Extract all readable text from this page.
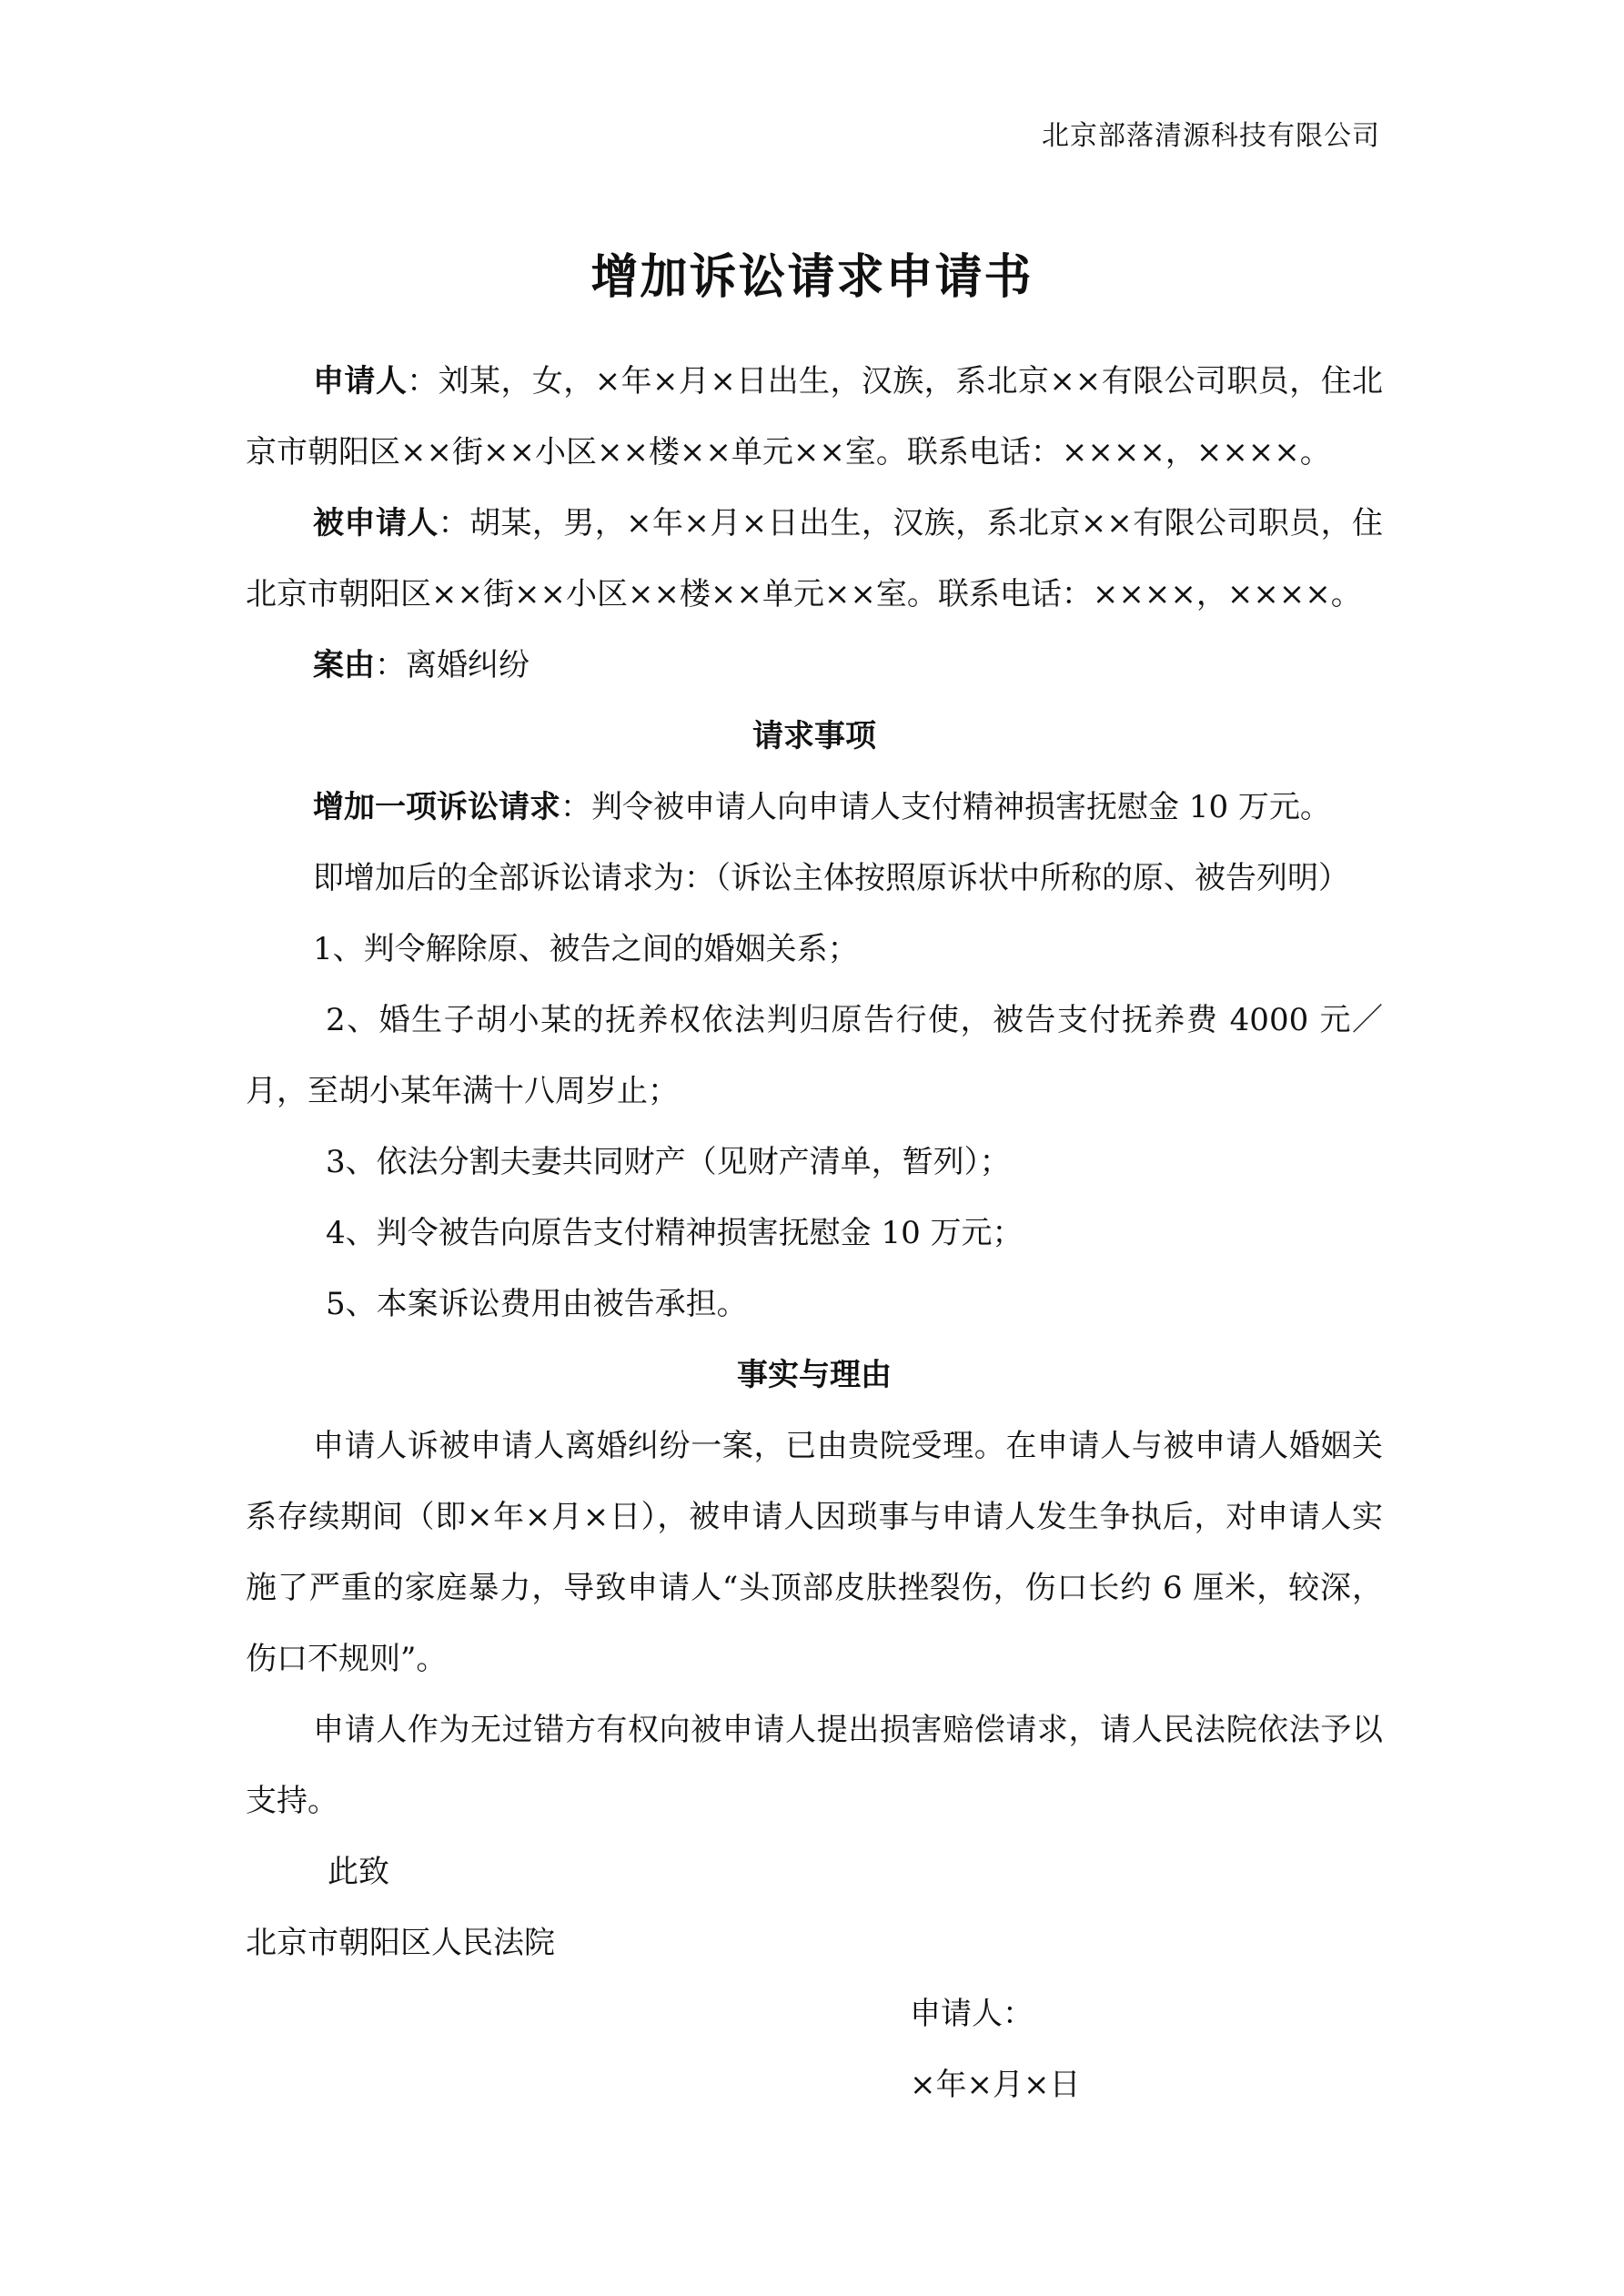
北京部落清源科技有限公司
增加诉讼请求申请书

申请人：刘某，女，×年×月×日出生，汉族，系北京××有限公司职员，住北京市朝阳区××街××小区××楼××单元××室。联系电话：××××，××××。

被申请人：胡某，男，×年×月×日出生，汉族，系北京××有限公司职员，住北京市朝阳区××街××小区××楼××单元××室。联系电话：××××，××××。

案由：离婚纠纷

请求事项

增加一项诉讼请求：判令被申请人向申请人支付精神损害抚慰金 10 万元。

即增加后的全部诉讼请求为：（诉讼主体按照原诉状中所称的原、被告列明）

1、判令解除原、被告之间的婚姻关系；

2、婚生子胡小某的抚养权依法判归原告行使，被告支付抚养费 4000 元／月，至胡小某年满十八周岁止；

3、依法分割夫妻共同财产（见财产清单，暂列）；

4、判令被告向原告支付精神损害抚慰金 10 万元；

5、本案诉讼费用由被告承担。

事实与理由

申请人诉被申请人离婚纠纷一案，已由贵院受理。在申请人与被申请人婚姻关系存续期间（即×年×月×日），被申请人因琐事与申请人发生争执后，对申请人实施了严重的家庭暴力，导致申请人“头顶部皮肤挫裂伤，伤口长约 6 厘米，较深，伤口不规则”。

申请人作为无过错方有权向被申请人提出损害赔偿请求，请人民法院依法予以支持。

此致

北京市朝阳区人民法院

申请人：

×年×月×日
